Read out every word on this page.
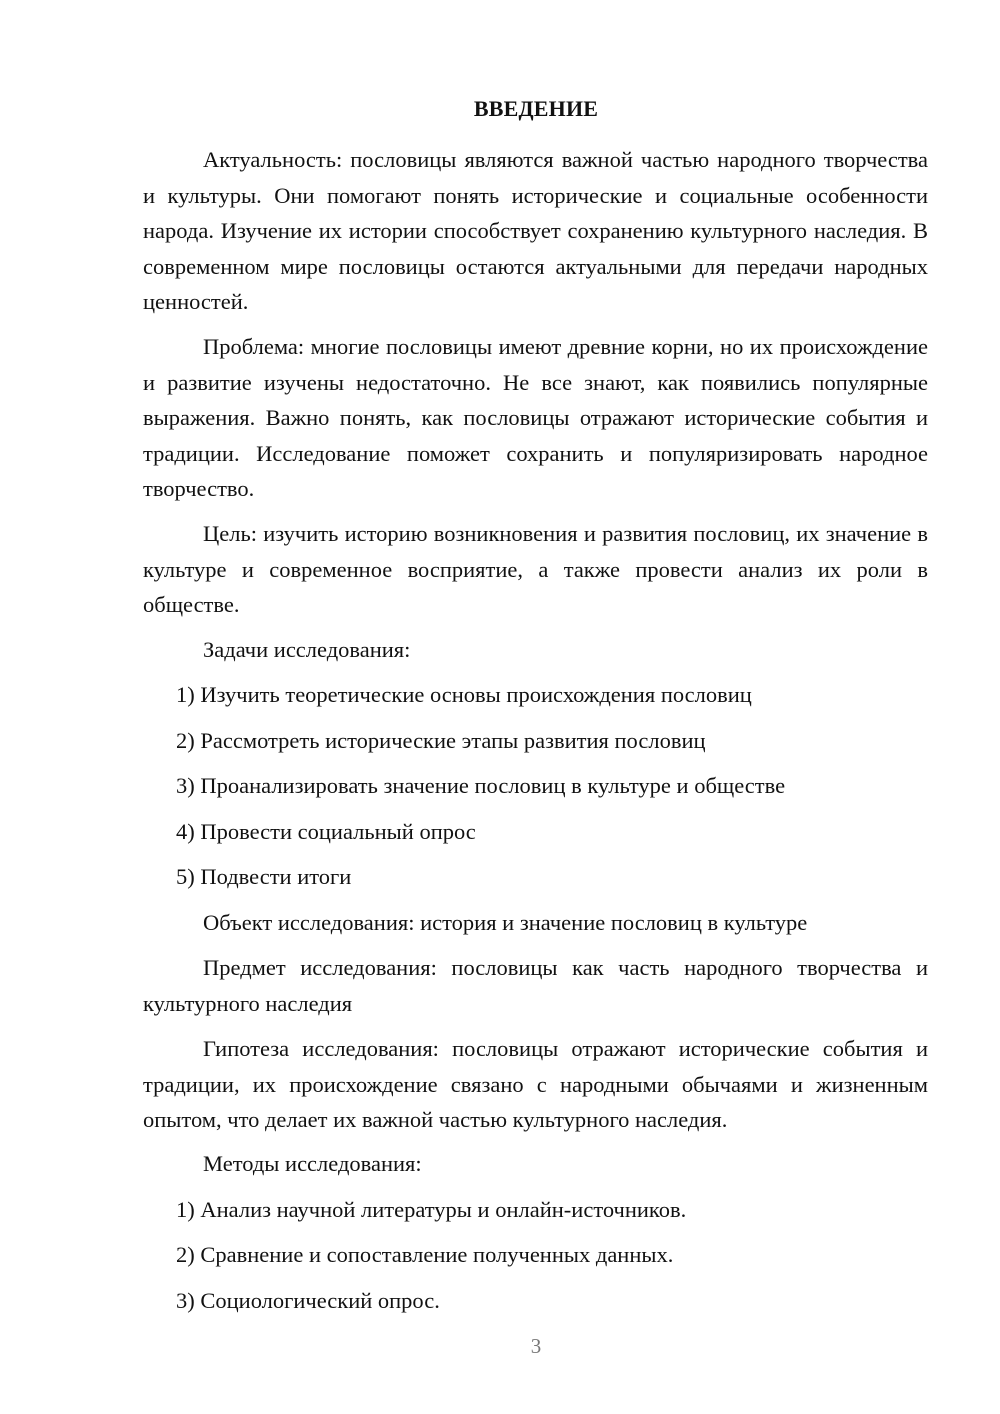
ВВЕДЕНИЕ

Актуальность: пословицы являются важной частью народного творчества и культуры. Они помогают понять исторические и социальные особенности народа. Изучение их истории способствует сохранению культурного наследия. В современном мире пословицы остаются актуальными для передачи народных ценностей.

Проблема: многие пословицы имеют древние корни, но их происхождение и развитие изучены недостаточно. Не все знают, как появились популярные выражения. Важно понять, как пословицы отражают исторические события и традиции. Исследование поможет сохранить и популяризировать народное творчество.

Цель: изучить историю возникновения и развития пословиц, их значение в культуре и современное восприятие, а также провести анализ их роли в обществе.

Задачи исследования:

1) Изучить теоретические основы происхождения пословиц

2) Рассмотреть исторические этапы развития пословиц

3) Проанализировать значение пословиц в культуре и обществе

4) Провести социальный опрос

5) Подвести итоги

Объект исследования: история и значение пословиц в культуре

Предмет исследования: пословицы как часть народного творчества и культурного наследия

Гипотеза исследования: пословицы отражают исторические события и традиции, их происхождение связано с народными обычаями и жизненным опытом, что делает их важной частью культурного наследия.

Методы исследования:

1) Анализ научной литературы и онлайн-источников.

2) Сравнение и сопоставление полученных данных.

3) Социологический опрос.

3
